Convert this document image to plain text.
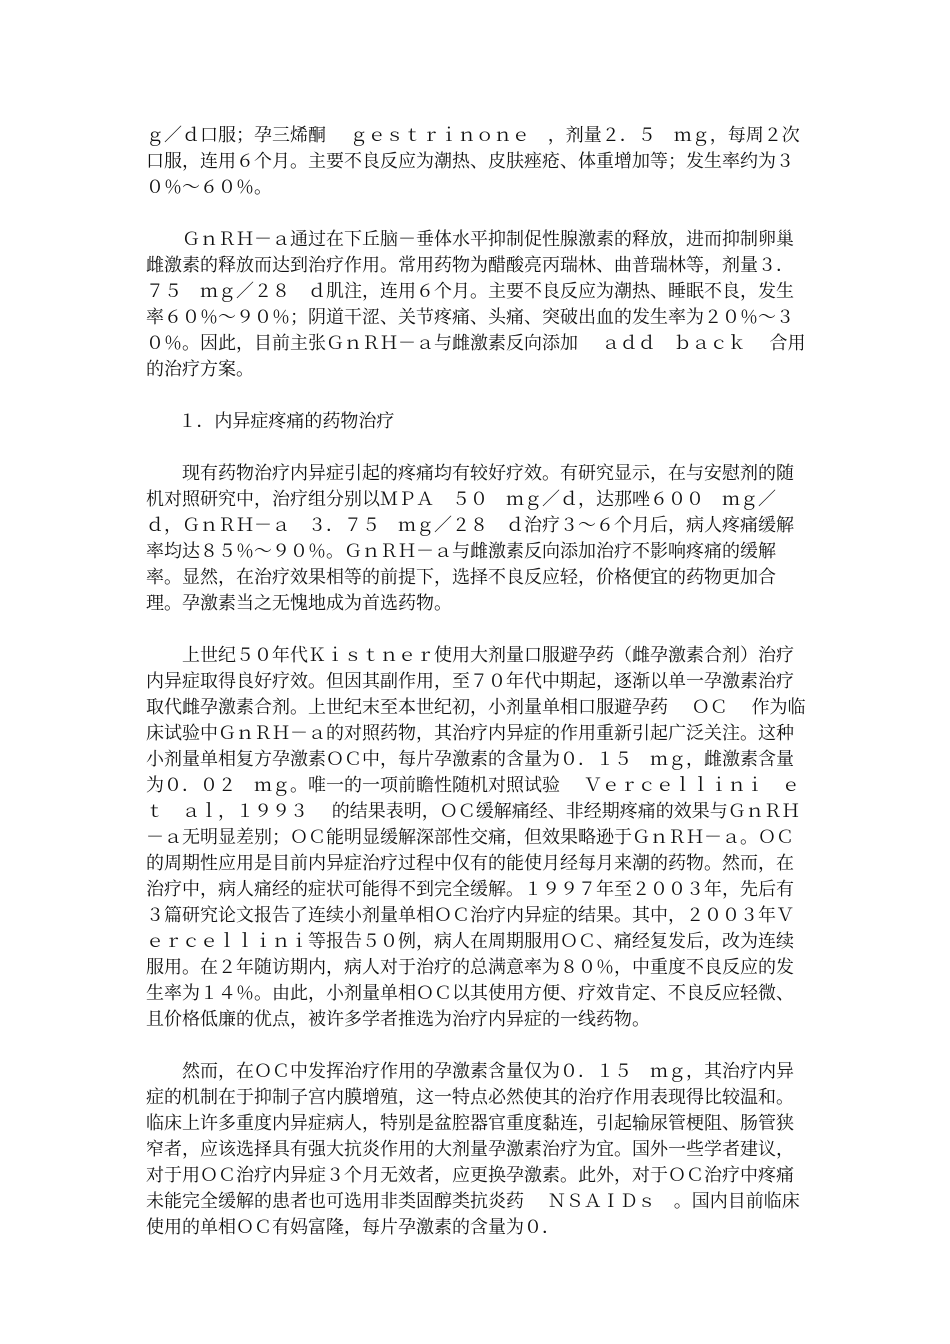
ｇ／ｄ口服；孕三烯酮　 ｇｅｓｔｒｉｎｏｎｅ　，剂量２．５　ｍｇ，每周２次口服，连用６个月。主要不良反应为潮热、皮肤痤疮、体重增加等；发生率约为３０％～６０％。

ＧｎＲＨ－ａ通过在下丘脑－垂体水平抑制促性腺激素的释放，进而抑制卵巢雌激素的释放而达到治疗作用。常用药物为醋酸亮丙瑞林、曲普瑞林等，剂量３．７５　ｍｇ／２８　ｄ肌注，连用６个月。主要不良反应为潮热、睡眠不良，发生率６０％～９０％；阴道干涩、关节疼痛、头痛、突破出血的发生率为２０％～３０％。因此，目前主张ＧｎＲＨ－ａ与雌激素反向添加　 ａｄｄ　ｂａｃｋ　 合用的治疗方案。

１．内异症疼痛的药物治疗

现有药物治疗内异症引起的疼痛均有较好疗效。有研究显示，在与安慰剂的随机对照研究中，治疗组分别以ＭＰＡ　５０　ｍｇ／ｄ，达那唑６００　ｍｇ／ｄ，ＧｎＲＨ－ａ　３．７５　ｍｇ／２８　ｄ治疗３～６个月后，病人疼痛缓解率均达８５％～９０％。ＧｎＲＨ－ａ与雌激素反向添加治疗不影响疼痛的缓解率。显然，在治疗效果相等的前提下，选择不良反应轻，价格便宜的药物更加合理。孕激素当之无愧地成为首选药物。

上世纪５０年代Ｋｉｓｔｎｅｒ使用大剂量口服避孕药（雌孕激素合剂）治疗内异症取得良好疗效。但因其副作用，至７０年代中期起，逐渐以单一孕激素治疗取代雌孕激素合剂。上世纪末至本世纪初，小剂量单相口服避孕药　 ＯＣ　 作为临床试验中ＧｎＲＨ－ａ的对照药物，其治疗内异症的作用重新引起广泛关注。这种小剂量单相复方孕激素ＯＣ中，每片孕激素的含量为０．１５　ｍｇ，雌激素含量为０．０２　ｍｇ。唯一的一项前瞻性随机对照试验　 Ｖｅｒｃｅｌｌｉｎｉ　ｅｔ　ａｌ，１９９３　 的结果表明，ＯＣ缓解痛经、非经期疼痛的效果与ＧｎＲＨ－ａ无明显差别；ＯＣ能明显缓解深部性交痛，但效果略逊于ＧｎＲＨ－ａ。ＯＣ的周期性应用是目前内异症治疗过程中仅有的能使月经每月来潮的药物。然而，在治疗中，病人痛经的症状可能得不到完全缓解。１９９７年至２００３年，先后有３篇研究论文报告了连续小剂量单相ＯＣ治疗内异症的结果。其中，２００３年Ｖｅｒｃｅｌｌｉｎｉ等报告５０例，病人在周期服用ＯＣ、痛经复发后，改为连续服用。在２年随访期内，病人对于治疗的总满意率为８０％，中重度不良反应的发生率为１４％。由此，小剂量单相ＯＣ以其使用方便、疗效肯定、不良反应轻微、且价格低廉的优点，被许多学者推选为治疗内异症的一线药物。

然而，在ＯＣ中发挥治疗作用的孕激素含量仅为０．１５　ｍｇ，其治疗内异症的机制在于抑制子宫内膜增殖，这一特点必然使其的治疗作用表现得比较温和。临床上许多重度内异症病人，特别是盆腔器官重度黏连，引起输尿管梗阻、肠管狭窄者，应该选择具有强大抗炎作用的大剂量孕激素治疗为宜。国外一些学者建议，对于用ＯＣ治疗内异症３个月无效者，应更换孕激素。此外，对于ＯＣ治疗中疼痛未能完全缓解的患者也可选用非类固醇类抗炎药　 ＮＳＡＩＤｓ　。国内目前临床使用的单相ＯＣ有妈富隆，每片孕激素的含量为０．
